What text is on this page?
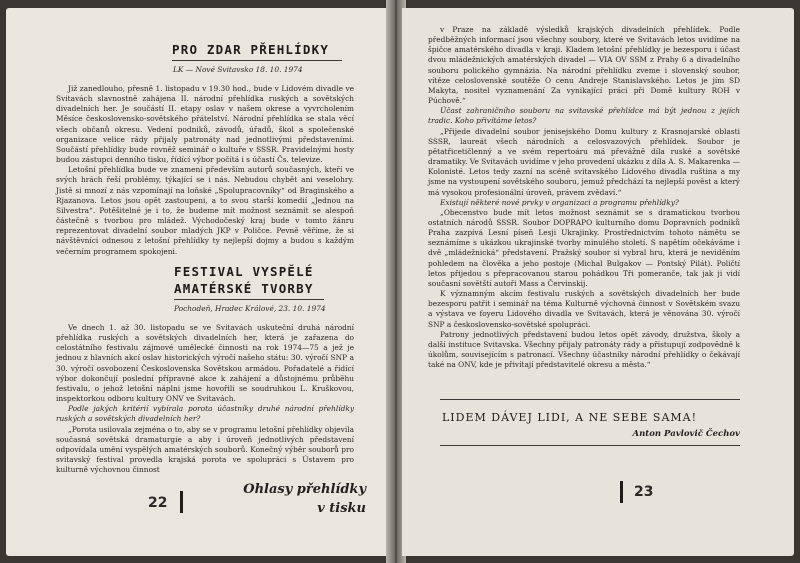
PRO ZDAR PŘEHLÍDKY
LK — Nové Svitavsko 18. 10. 1974

Již zanedlouho, přesně 1. listopadu v 19.30 hod., bude v Lidovém divadle ve Svitavách slavnostně zahájena II. národní přehlídka ruských a sovětských divadelních her. Je součástí II. etapy oslav v našem okrese a vyvrcholením Měsíce československo-sovětského přátelství. Národní přehlídka se stala věcí všech občanů okresu. Vedení podniků, závodů, úřadů, škol a společenské organizace velice rády přijaly patronáty nad jednotlivými představeními. Součástí přehlídky bude rovněž seminář o kultuře v SSSR. Pravidelnými hosty budou zástupci denního tisku, řídící výbor počítá i s účastí Čs. televize.

Letošní přehlídka bude ve znamení především autorů současných, kteří ve svých hrách řeší problémy, týkající se i nás. Nebudou chybět ani veselohry. Jistě si mnozí z nás vzpomínají na loňské „Spolupracovníky“ od Braginského a Rjazanova. Letos jsou opět zastoupeni, a to svou starší komedií „Jednou na Silvestra“. Potěšitelné je i to, že budeme mít možnost seznámit se alespoň částečně s tvorbou pro mládež. Východočeský kraj bude v tomto žánru reprezentovat divadelní soubor mladých JKP v Poličce. Pevně věříme, že si návštěvníci odnesou z letošní přehlídky ty nejlepší dojmy a budou s každým večerním programem spokojeni.

FESTIVAL VYSPĚLÉ
AMATÉRSKÉ TVORBY
Pochodeň, Hradec Králové, 23. 10. 1974

Ve dnech 1. až 30. listopadu se ve Svitavách uskuteční druhá národní přehlídka ruských a sovětských divadelních her, která je zařazena do celostátního festivalu zájmové umělecké činnosti na rok 1974—75 a jež je jednou z hlavních akcí oslav historických výročí našeho státu: 30. výročí SNP a 30. výročí osvobození Československa Sovětskou armádou. Pořadatelé a řídící výbor dokončují poslední přípravné akce k zahájení a důstojnému průběhu festivalu, o jehož letošní náplni jsme hovořili se soudruhkou L. Kruškovou, inspektorkou odboru kultury ONV ve Svitavách.

Podle jakých kritérií vybírala porota účastníky druhé národní přehlídky ruských a sovětských divadelních her?

„Porota usilovala zejména o to, aby se v programu letošní přehlídky objevila současná sovětská dramaturgie a aby i úroveň jednotlivých představení odpovídala umění vyspělých amatérských souborů. Konečný výběr souborů pro svitavský festival provedla krajská porota ve spolupráci s Ústavem pro kulturně výchovnou činnost

22
Ohlasy přehlídky
v tisku

v Praze na základě výsledků krajských divadelních přehlídek. Podle předběžných informací jsou všechny soubory, které ve Svitavách letos uvidíme na špičce amatérského divadla v kraji. Kladem letošní přehlídky je bezesporu i účast dvou mládežnických amatérských divadel — VIA OV SSM z Prahy 6 a divadelního souboru polického gymnázia. Na národní přehlídku zveme i slovenský soubor, vítěze celoslovenské soutěže O cenu Andreje Stanislavského. Letos je jím SD Makyta, nositel vyznamenání Za vynikající práci při Domě kultury ROH v Púchově.“

Účast zahraničního souboru na svitavské přehlídce má být jednou z jejích tradic. Koho přivítáme letos?

„Přijede divadelní soubor jenisejského Domu kultury z Krasnojarské oblasti SSSR, laureát všech národních a celosvazových přehlídek. Soubor je pětatřicetičlenný a ve svém repertoáru má převážně díla ruské a sovětské dramatiky. Ve Svitavách uvidíme v jeho provedení ukázku z díla A. S. Makarenka — Kolonisté. Letos tedy zazní na scéně svitavského Lidového divadla ruština a my jsme na vystoupení sovětského souboru, jemuž předchází ta nejlepší pověst a který má vysokou profesionální úroveň, právem zvědaví.“

Existují některé nové prvky v organizaci a programu přehlídky?

„Obecenstvo bude mít letos možnost seznámit se s dramatickou tvorbou ostatních národů SSSR. Soubor DOPRAPO kulturního domu Dopravních podniků Praha zazpívá Lesní píseň Lesji Ukrajinky. Prostřednictvím tohoto námětu se seznámíme s ukázkou ukrajinské tvorby minulého století. S napětím očekáváme i dvě „mládežnická“ představení. Pražský soubor si vybral hru, která je neviděním pohledem na člověka a jeho postoje (Michal Bulgakov — Pontský Pilát). Poličtí letos přijedou s přepracovanou starou pohádkou Tři pomeranče, tak jak ji vidí současní sovětští autoři Mass a Červinskij.

K významným akcím festivalu ruských a sovětských divadelních her bude bezesporu patřit i seminář na téma Kulturně výchovná činnost v Sovětském svazu a výstava ve foyeru Lidového divadla ve Svitavách, která je věnována 30. výročí SNP a československo-sovětské spolupráci.

Patrony jednotlivých představení budou letos opět závody, družstva, školy a další instituce Svitavska. Všechny přijaly patronáty rády a přistupují zodpovědně k úkolům, souvisejícím s patronací. Všechny účastníky národní přehlídky o čekávají také na ONV, kde je přivítají představitelé okresu a města.“

LIDEM DÁVEJ LIDI, A NE SEBE SAMA!
Anton Pavlovič Čechov
23
